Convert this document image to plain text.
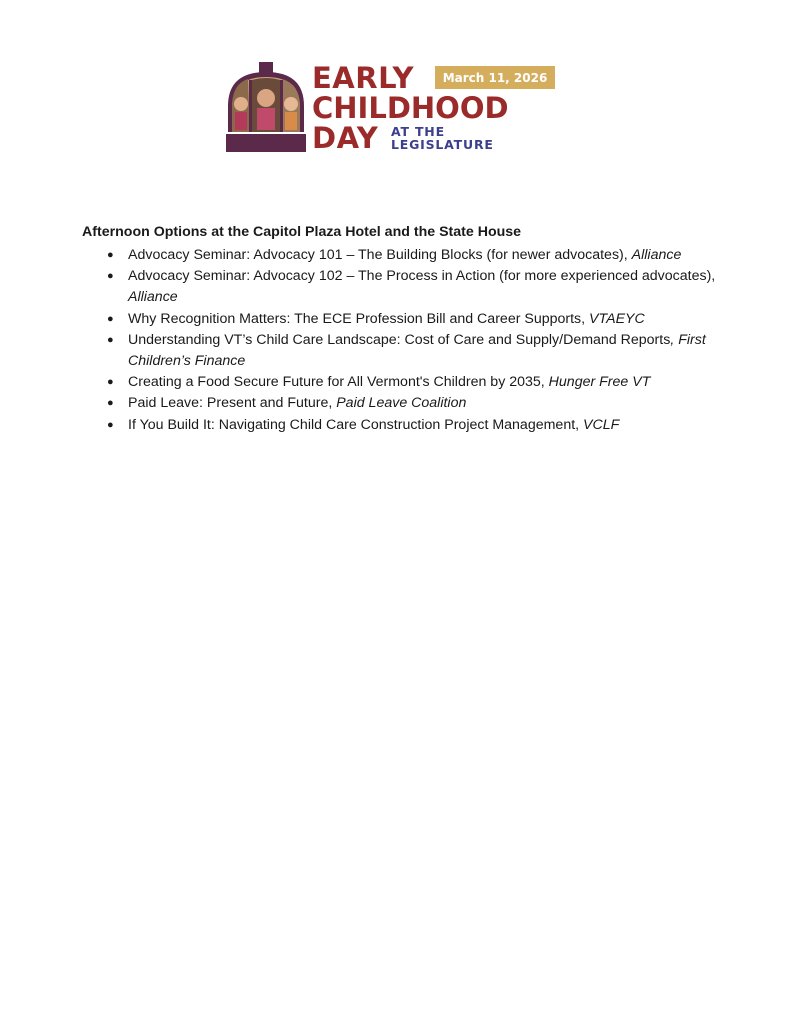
EARLY	March 11, 2026
CHILDHOOD
DAY AT THE
LEGISLATURE
Afternoon Options at the Capitol Plaza Hotel and the State House
● Advocacy Seminar: Advocacy 101 – The Building Blocks (for newer advocates), Alliance
● Advocacy Seminar: Advocacy 102 – The Process in Action (for more experienced advocates), Alliance
● Why Recognition Matters: The ECE Profession Bill and Career Supports, VTAEYC
● Understanding VT’s Child Care Landscape: Cost of Care and Supply/Demand Reports, First Children’s Finance
● Creating a Food Secure Future for All Vermont's Children by 2035, Hunger Free VT
● Paid Leave: Present and Future, Paid Leave Coalition
● If You Build It: Navigating Child Care Construction Project Management, VCLF
